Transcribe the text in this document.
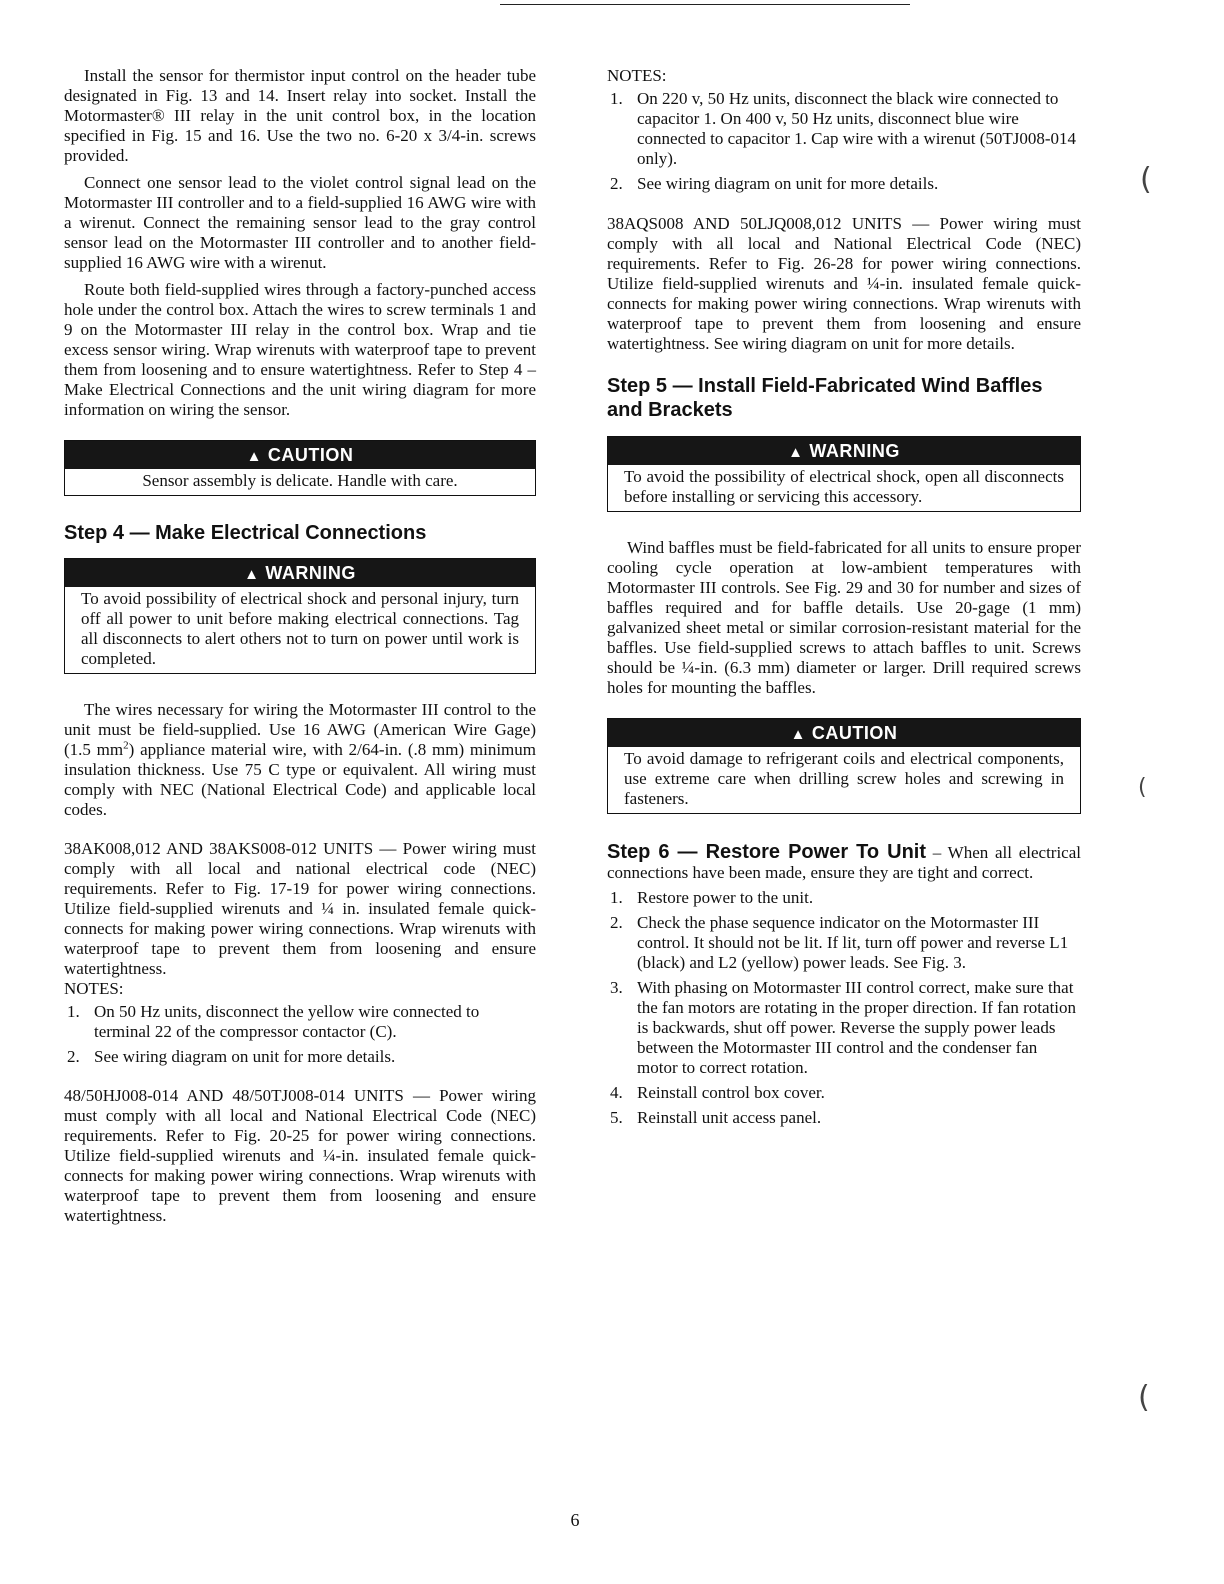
Install the sensor for thermistor input control on the header tube designated in Fig. 13 and 14. Insert relay into socket. Install the Motormaster® III relay in the unit control box, in the location specified in Fig. 15 and 16. Use the two no. 6-20 x 3/4-in. screws provided.

Connect one sensor lead to the violet control signal lead on the Motormaster III controller and to a field-supplied 16 AWG wire with a wirenut. Connect the remaining sensor lead to the gray control sensor lead on the Motormaster III controller and to another field-supplied 16 AWG wire with a wirenut.

Route both field-supplied wires through a factory-punched access hole under the control box. Attach the wires to screw terminals 1 and 9 on the Motormaster III relay in the control box. Wrap and tie excess sensor wiring. Wrap wirenuts with waterproof tape to prevent them from loosening and to ensure watertightness. Refer to Step 4 – Make Electrical Connections and the unit wiring diagram for more information on wiring the sensor.

▲ CAUTION
Sensor assembly is delicate. Handle with care.
Step 4 — Make Electrical Connections
▲ WARNING
To avoid possibility of electrical shock and personal injury, turn off all power to unit before making electrical connections. Tag all disconnects to alert others not to turn on power until work is completed.

The wires necessary for wiring the Motormaster III control to the unit must be field-supplied. Use 16 AWG (American Wire Gage) (1.5 $mm^2$) appliance material wire, with 2/64-in. (.8 mm) minimum insulation thickness. Use 75 C type or equivalent. All wiring must comply with NEC (National Electrical Code) and applicable local codes.

38AK008,012 AND 38AKS008-012 UNITS — Power wiring must comply with all local and national electrical code (NEC) requirements. Refer to Fig. 17-19 for power wiring connections. Utilize field-supplied wirenuts and ¼ in. insulated female quick-connects for making power wiring connections. Wrap wirenuts with waterproof tape to prevent them from loosening and ensure watertightness.

NOTES:
1. On 50 Hz units, disconnect the yellow wire connected to terminal 22 of the compressor contactor (C).
2. See wiring diagram on unit for more details.

48/50HJ008-014 AND 48/50TJ008-014 UNITS — Power wiring must comply with all local and National Electrical Code (NEC) requirements. Refer to Fig. 20-25 for power wiring connections. Utilize field-supplied wirenuts and ¼-in. insulated female quick-connects for making power wiring connections. Wrap wirenuts with waterproof tape to prevent them from loosening and ensure watertightness.

NOTES:
1. On 220 v, 50 Hz units, disconnect the black wire connected to capacitor 1. On 400 v, 50 Hz units, disconnect blue wire connected to capacitor 1. Cap wire with a wirenut (50TJ008-014 only).
2. See wiring diagram on unit for more details.

38AQS008 AND 50LJQ008,012 UNITS — Power wiring must comply with all local and National Electrical Code (NEC) requirements. Refer to Fig. 26-28 for power wiring connections. Utilize field-supplied wirenuts and ¼-in. insulated female quick-connects for making power wiring connections. Wrap wirenuts with waterproof tape to prevent them from loosening and ensure watertightness. See wiring diagram on unit for more details.

Step 5 — Install Field-Fabricated Wind Baffles and Brackets
▲ WARNING
To avoid the possibility of electrical shock, open all disconnects before installing or servicing this accessory.

Wind baffles must be field-fabricated for all units to ensure proper cooling cycle operation at low-ambient temperatures with Motormaster III controls. See Fig. 29 and 30 for number and sizes of baffles required and for baffle details. Use 20-gage (1 mm) galvanized sheet metal or similar corrosion-resistant material for the baffles. Use field-supplied screws to attach baffles to unit. Screws should be ¼-in. (6.3 mm) diameter or larger. Drill required screws holes for mounting the baffles.

▲ CAUTION
To avoid damage to refrigerant coils and electrical components, use extreme care when drilling screw holes and screwing in fasteners.

Step 6 — Restore Power To Unit – When all electrical connections have been made, ensure they are tight and correct.

1. Restore power to the unit.
2. Check the phase sequence indicator on the Motormaster III control. It should not be lit. If lit, turn off power and reverse L1 (black) and L2 (yellow) power leads. See Fig. 3.
3. With phasing on Motormaster III control correct, make sure that the fan motors are rotating in the proper direction. If fan rotation is backwards, shut off power. Reverse the supply power leads between the Motormaster III control and the condenser fan motor to correct rotation.
4. Reinstall control box cover.
5. Reinstall unit access panel.
(
(
(
6
